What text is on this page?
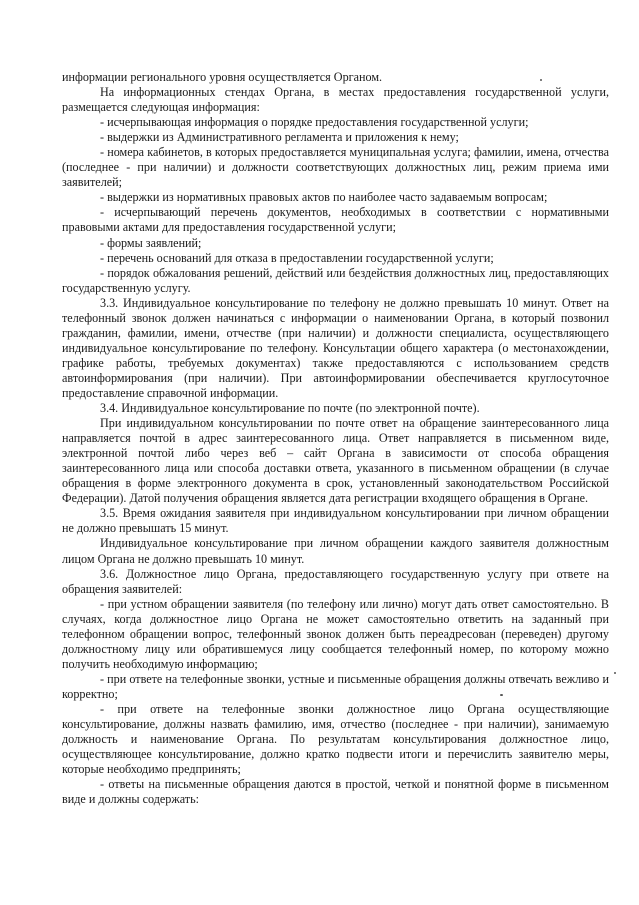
информации регионального уровня осуществляется Органом.

На информационных стендах Органа, в местах предоставления государственной услуги, размещается следующая информация:

- исчерпывающая информация о порядке предоставления государственной услуги;

- выдержки из Административного регламента и приложения к нему;

- номера кабинетов, в которых предоставляется муниципальная услуга; фамилии, имена, отчества (последнее - при наличии) и должности соответствующих должностных лиц, режим приема ими заявителей;

- выдержки из нормативных правовых актов по наиболее часто задаваемым вопросам;

- исчерпывающий перечень документов, необходимых в соответствии с нормативными правовыми актами для предоставления государственной услуги;

- формы заявлений;

- перечень оснований для отказа в предоставлении государственной услуги;

- порядок обжалования решений, действий или бездействия должностных лиц, предоставляющих государственную услугу.

3.3. Индивидуальное консультирование по телефону не должно превышать 10 минут. Ответ на телефонный звонок должен начинаться с информации о наименовании Органа, в который позвонил гражданин, фамилии, имени, отчестве (при наличии) и должности специалиста, осуществляющего индивидуальное консультирование по телефону. Консультации общего характера (о местонахождении, графике работы, требуемых документах) также предоставляются с использованием средств автоинформирования (при наличии). При автоинформировании обеспечивается круглосуточное предоставление справочной информации.

3.4. Индивидуальное консультирование по почте (по электронной почте).

При индивидуальном консультировании по почте ответ на обращение заинтересованного лица направляется почтой в адрес заинтересованного лица. Ответ направляется в письменном виде, электронной почтой либо через веб – сайт Органа в зависимости от способа обращения заинтересованного лица или способа доставки ответа, указанного в письменном обращении (в случае обращения в форме электронного документа в срок, установленный законодательством Российской Федерации). Датой получения обращения является дата регистрации входящего обращения в Органе.

3.5. Время ожидания заявителя при индивидуальном консультировании при личном обращении не должно превышать 15 минут.

Индивидуальное консультирование при личном обращении каждого заявителя должностным лицом Органа не должно превышать 10 минут.

3.6. Должностное лицо Органа, предоставляющего государственную услугу при ответе на обращения заявителей:

- при устном обращении заявителя (по телефону или лично) могут дать ответ самостоятельно. В случаях, когда должностное лицо Органа не может самостоятельно ответить на заданный при телефонном обращении вопрос, телефонный звонок должен быть переадресован (переведен) другому должностному лицу или обратившемуся лицу сообщается телефонный номер, по которому можно получить необходимую информацию;

- при ответе на телефонные звонки, устные и письменные обращения должны отвечать вежливо и корректно;

- при ответе на телефонные звонки должностное лицо Органа осуществляющие консультирование, должны назвать фамилию, имя, отчество (последнее - при наличии), занимаемую должность и наименование Органа. По результатам консультирования должностное лицо, осуществляющее консультирование, должно кратко подвести итоги и перечислить заявителю меры, которые необходимо предпринять;

- ответы на письменные обращения даются в простой, четкой и понятной форме в письменном виде и должны содержать:
